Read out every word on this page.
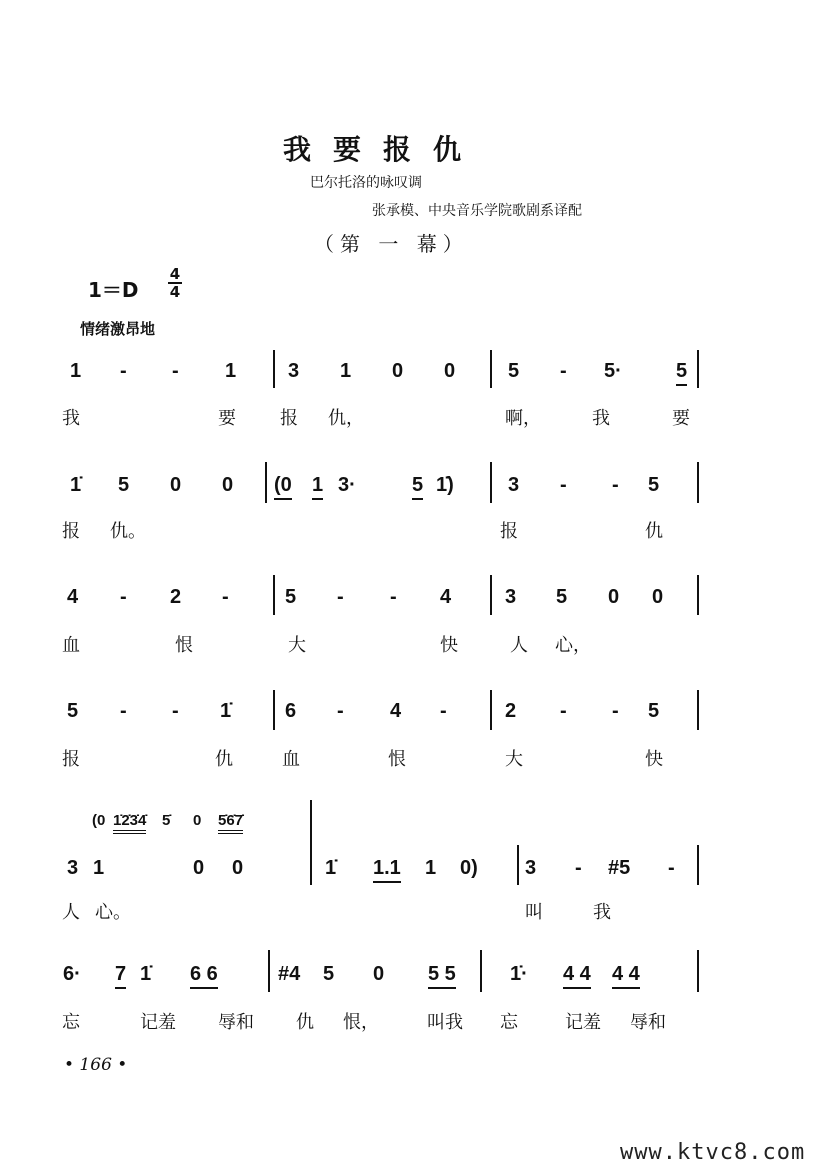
我要报仇
巴尔托洛的咏叹调
张承模、中央音乐学院歌剧系译配
（第 一 幕）
1＝D
4
4
情绪激昂地
1 - - 1	3 1 0 0	5 - 5·	5
我	要 报 仇，	啊，	我	要
1̇ 5 0 0 (0 1 3·	5 1̇)	3 - - 5
报 仇。	报	仇
4 - 2 -	5 - - 4	3 5 0 0
血	恨	大	快	人 心，
5 - - 1̇	6 - 4 -	2 - - 5
报	仇	血	恨	大	快
3 1	0 0	1̇ 1.1 1 0) 3 - #5 -
人 心。	叫	我
(0 1̇2̇3̇4̇ 5̇ 0 5̇6̇7̇
6· 7 1̇ 6 6	#4 5 0 5 5	1̇· 4 4 4 4
忘	记羞 辱和 仇 恨，	叫我 忘	记羞 辱和
• 166 •
www.ktvc8.com
